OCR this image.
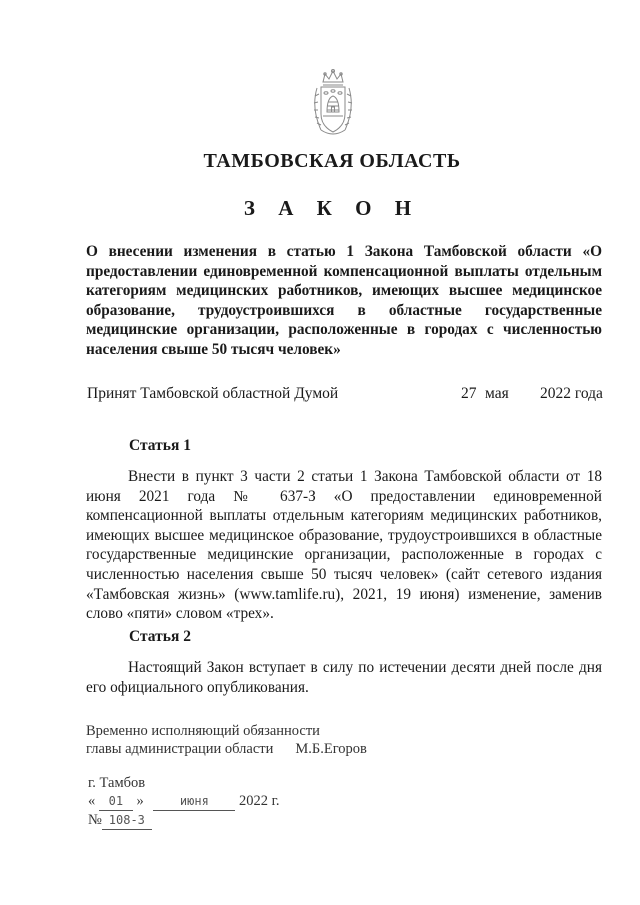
ТАМБОВСКАЯ ОБЛАСТЬ
З А К О Н
О внесении изменения в статью 1 Закона Тамбовской области «О предоставлении единовременной компенсационной выплаты отдельным категориям медицинских работников, имеющих высшее медицинское образование, трудоустроившихся в областные государственные медицинские организации, расположенные в городах с численностью населения свыше 50 тысяч человек»
Принят Тамбовской областной Думой	27 мая 2022 года
Статья 1
Внести в пункт 3 части 2 статьи 1 Закона Тамбовской области от 18 июня 2021 года № 637-З «О предоставлении единовременной компенсационной выплаты отдельным категориям медицинских работников, имеющих высшее медицинское образование, трудоустроившихся в областные государственные медицинские организации, расположенные в городах с численностью населения свыше 50 тысяч человек» (сайт сетевого издания «Тамбовская жизнь» (www.tamlife.ru), 2021, 19 июня) изменение, заменив слово «пяти» словом «трех».
Статья 2
Настоящий Закон вступает в силу по истечении десяти дней после дня его официального опубликования.
Временно исполняющий обязанности
главы администрации области М.Б.Егоров
г. Тамбов
« 01 »	июня 2022 г.
№ 108-З
